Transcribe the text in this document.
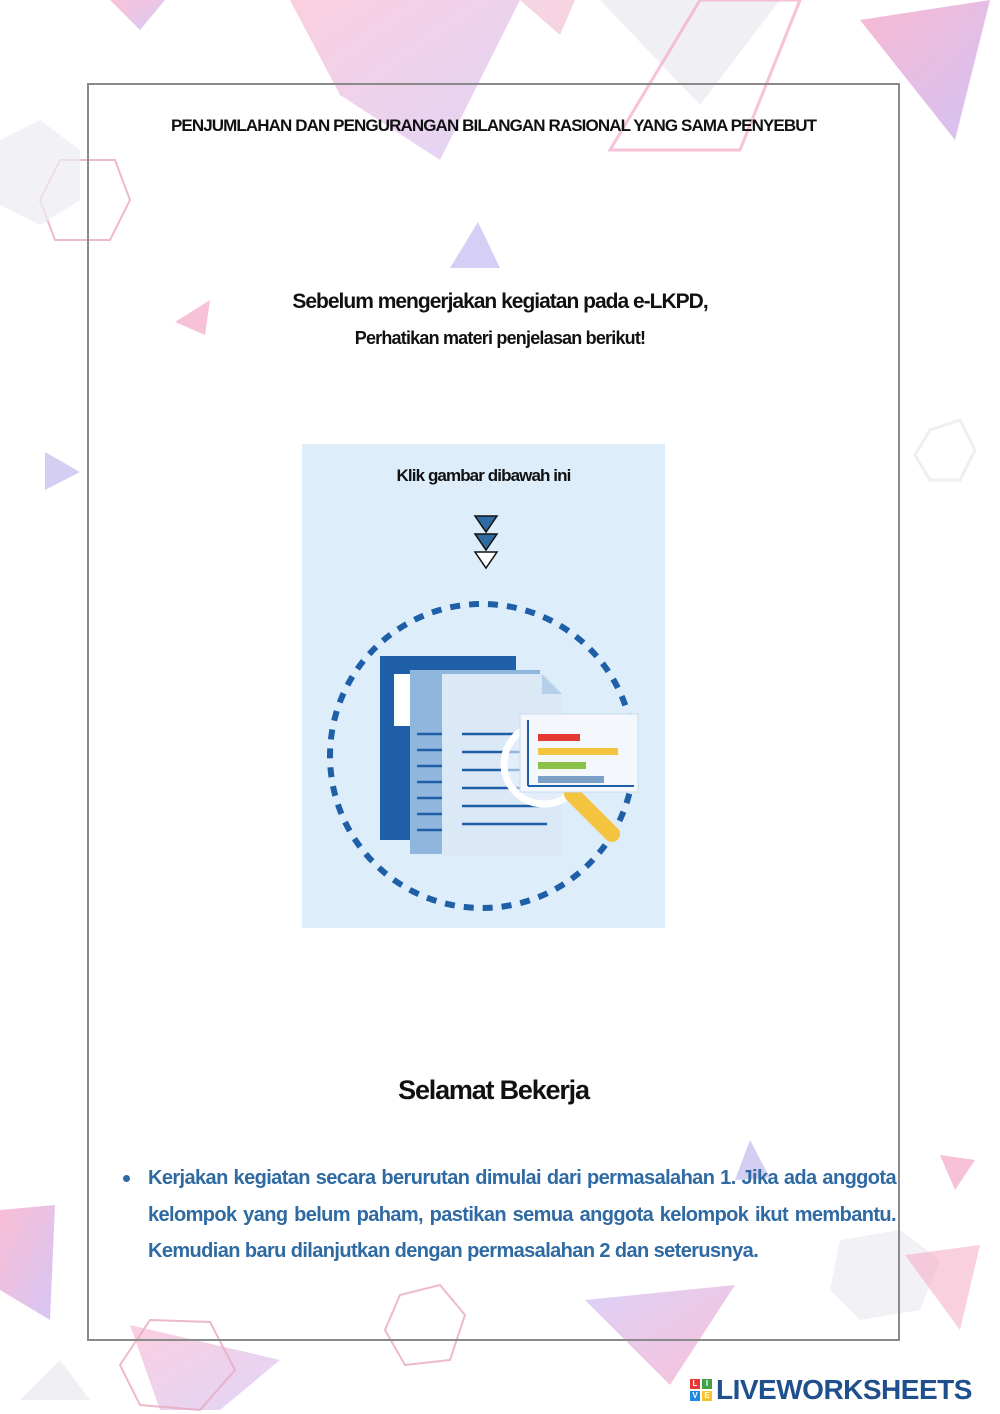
PENJUMLAHAN DAN PENGURANGAN BILANGAN RASIONAL YANG SAMA PENYEBUT
Sebelum mengerjakan kegiatan pada e-LKPD,
Perhatikan materi penjelasan berikut!
Klik gambar dibawah ini
Selamat Bekerja
Kerjakan kegiatan secara berurutan dimulai dari permasalahan 1. Jika ada anggota kelompok yang belum paham, pastikan semua anggota kelompok ikut membantu. Kemudian baru dilanjutkan dengan permasalahan 2 dan seterusnya.
L	I
V E LIVEWORKSHEETS
